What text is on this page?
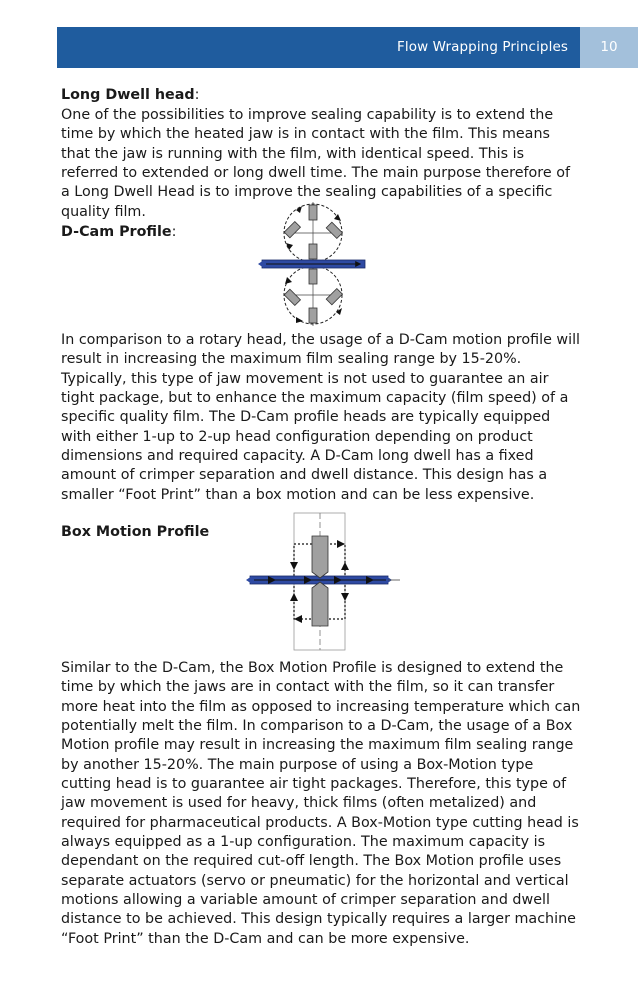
Flow Wrapping Principles	10

Long Dwell head:

One of the possibilities to improve sealing capability is to extend the time by which the heated jaw is in contact with the film. This means that the jaw is running with the film, with identical speed. This is referred to extended or long dwell time. The main purpose therefore of a Long Dwell Head is to improve the sealing capabilities of a specific quality film.

D-Cam Profile:

In comparison to a rotary head, the usage of a D-Cam motion profile will result in increasing the maximum film sealing range by 15-20%. Typically, this type of jaw movement is not used to guarantee an air tight package, but to enhance the maximum capacity (film speed) of a specific quality film. The D-Cam profile heads are typically equipped with either 1-up to 2-up head configuration depending on product dimensions and required capacity. A D-Cam long dwell has a fixed amount of crimper separation and dwell distance. This design has a smaller “Foot Print” than a box motion and can be less expensive.

Box Motion Profile

Similar to the D-Cam, the Box Motion Profile is designed to extend the time by which the jaws are in contact with the film, so it can transfer more heat into the film as opposed to increasing temperature which can potentially melt the film. In comparison to a D-Cam, the usage of a Box Motion profile may result in increasing the maximum film sealing range by another 15-20%. The main purpose of using a Box-Motion type cutting head is to guarantee air tight packages. Therefore, this type of jaw movement is used for heavy, thick films (often metalized) and required for pharmaceutical products. A Box-Motion type cutting head is always equipped as a 1-up configuration. The maximum capacity is dependant on the required cut-off length. The Box Motion profile uses separate actuators (servo or pneumatic) for the horizontal and vertical motions allowing a variable amount of crimper separation and dwell distance to be achieved. This design typically requires a larger machine “Foot Print” than the D-Cam and can be more expensive.
